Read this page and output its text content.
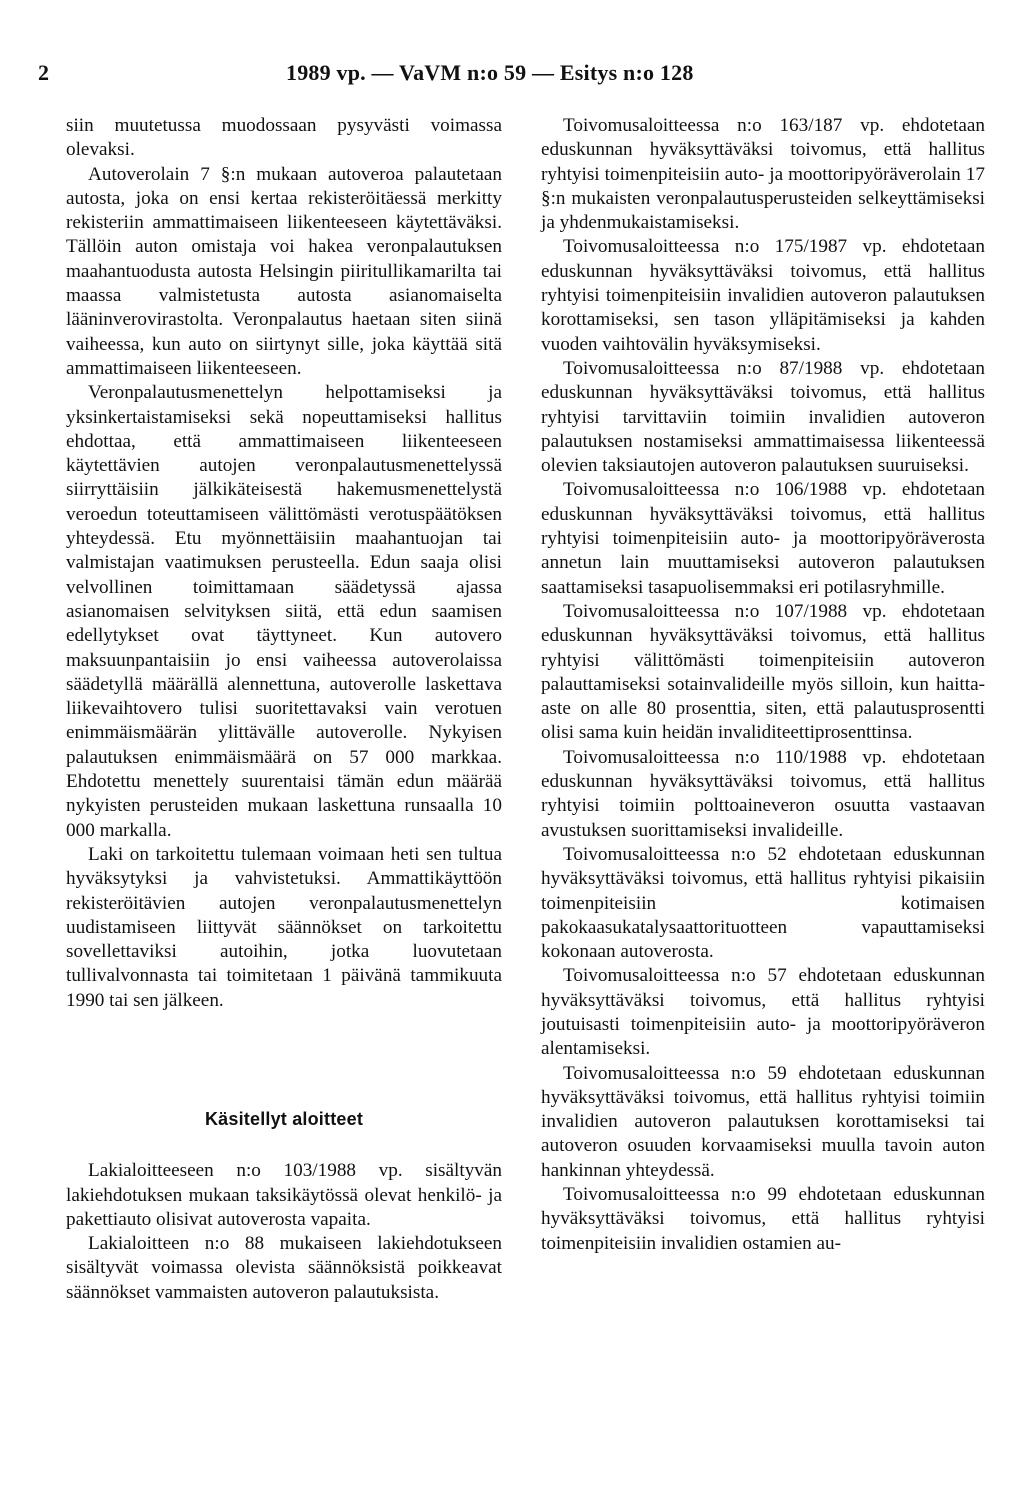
2	1989 vp. — VaVM n:o 59 — Esitys n:o 128

siin muutetussa muodossaan pysyvästi voimassa olevaksi.

Autoverolain 7 §:n mukaan autoveroa palautetaan autosta, joka on ensi kertaa rekisteröitäessä merkitty rekisteriin ammattimaiseen liikenteeseen käytettäväksi. Tällöin auton omistaja voi hakea veronpalautuksen maahantuodusta autosta Helsingin piiritullikamarilta tai maassa valmistetusta autosta asianomaiselta lääninverovirastolta. Veronpalautus haetaan siten siinä vaiheessa, kun auto on siirtynyt sille, joka käyttää sitä ammattimaiseen liikenteeseen.

Veronpalautusmenettelyn helpottamiseksi ja yksinkertaistamiseksi sekä nopeuttamiseksi hallitus ehdottaa, että ammattimaiseen liikenteeseen käytettävien autojen veronpalautusmenettelyssä siirryttäisiin jälkikäteisestä hakemusmenettelystä veroedun toteuttamiseen välittömästi verotuspäätöksen yhteydessä. Etu myönnettäisiin maahantuojan tai valmistajan vaatimuksen perusteella. Edun saaja olisi velvollinen toimittamaan säädetyssä ajassa asianomaisen selvityksen siitä, että edun saamisen edellytykset ovat täyttyneet. Kun autovero maksuunpantaisiin jo ensi vaiheessa autoverolaissa säädetyllä määrällä alennettuna, autoverolle laskettava liikevaihtovero tulisi suoritettavaksi vain verotuen enimmäismäärän ylittävälle autoverolle. Nykyisen palautuksen enimmäismäärä on 57 000 markkaa. Ehdotettu menettely suurentaisi tämän edun määrää nykyisten perusteiden mukaan laskettuna runsaalla 10 000 markalla.

Laki on tarkoitettu tulemaan voimaan heti sen tultua hyväksytyksi ja vahvistetuksi. Ammattikäyttöön rekisteröitävien autojen veronpalautusmenettelyn uudistamiseen liittyvät säännökset on tarkoitettu sovellettaviksi autoihin, jotka luovutetaan tullivalvonnasta tai toimitetaan 1 päivänä tammikuuta 1990 tai sen jälkeen.

Käsitellyt aloitteet

Lakialoitteeseen n:o 103/1988 vp. sisältyvän lakiehdotuksen mukaan taksikäytössä olevat henkilö- ja pakettiauto olisivat autoverosta vapaita.

Lakialoitteen n:o 88 mukaiseen lakiehdotukseen sisältyvät voimassa olevista säännöksistä poikkeavat säännökset vammaisten autoveron palautuksista.

Toivomusaloitteessa n:o 163/187 vp. ehdotetaan eduskunnan hyväksyttäväksi toivomus, että hallitus ryhtyisi toimenpiteisiin auto- ja moottoripyöräverolain 17 §:n mukaisten veronpalautusperusteiden selkeyttämiseksi ja yhdenmukaistamiseksi.

Toivomusaloitteessa n:o 175/1987 vp. ehdotetaan eduskunnan hyväksyttäväksi toivomus, että hallitus ryhtyisi toimenpiteisiin invalidien autoveron palautuksen korottamiseksi, sen tason ylläpitämiseksi ja kahden vuoden vaihtovälin hyväksymiseksi.

Toivomusaloitteessa n:o 87/1988 vp. ehdotetaan eduskunnan hyväksyttäväksi toivomus, että hallitus ryhtyisi tarvittaviin toimiin invalidien autoveron palautuksen nostamiseksi ammattimaisessa liikenteessä olevien taksiautojen autoveron palautuksen suuruiseksi.

Toivomusaloitteessa n:o 106/1988 vp. ehdotetaan eduskunnan hyväksyttäväksi toivomus, että hallitus ryhtyisi toimenpiteisiin auto- ja moottoripyöräverosta annetun lain muuttamiseksi autoveron palautuksen saattamiseksi tasapuolisemmaksi eri potilasryhmille.

Toivomusaloitteessa n:o 107/1988 vp. ehdotetaan eduskunnan hyväksyttäväksi toivomus, että hallitus ryhtyisi välittömästi toimenpiteisiin autoveron palauttamiseksi sotainvalideille myös silloin, kun haitta-aste on alle 80 prosenttia, siten, että palautusprosentti olisi sama kuin heidän invaliditeettiprosenttinsa.

Toivomusaloitteessa n:o 110/1988 vp. ehdotetaan eduskunnan hyväksyttäväksi toivomus, että hallitus ryhtyisi toimiin polttoaineveron osuutta vastaavan avustuksen suorittamiseksi invalideille.

Toivomusaloitteessa n:o 52 ehdotetaan eduskunnan hyväksyttäväksi toivomus, että hallitus ryhtyisi pikaisiin toimenpiteisiin kotimaisen pakokaasukatalysaattorituotteen vapauttamiseksi kokonaan autoverosta.

Toivomusaloitteessa n:o 57 ehdotetaan eduskunnan hyväksyttäväksi toivomus, että hallitus ryhtyisi joutuisasti toimenpiteisiin auto- ja moottoripyöräveron alentamiseksi.

Toivomusaloitteessa n:o 59 ehdotetaan eduskunnan hyväksyttäväksi toivomus, että hallitus ryhtyisi toimiin invalidien autoveron palautuksen korottamiseksi tai autoveron osuuden korvaamiseksi muulla tavoin auton hankinnan yhteydessä.

Toivomusaloitteessa n:o 99 ehdotetaan eduskunnan hyväksyttäväksi toivomus, että hallitus ryhtyisi toimenpiteisiin invalidien ostamien au-
